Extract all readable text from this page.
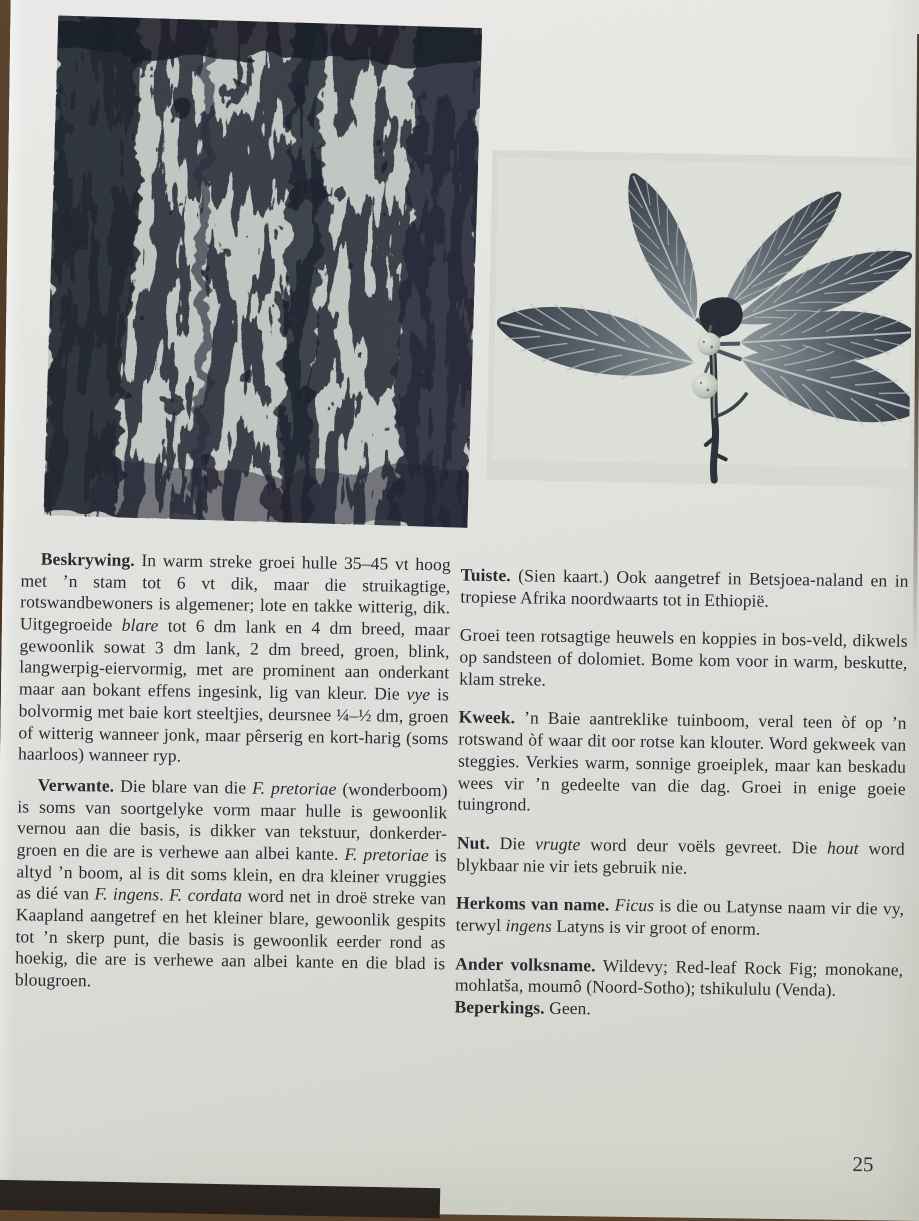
Beskrywing. In warm streke groei hulle 35–45 vt hoog met ’n stam tot 6 vt dik, maar die struikagtige, rotswandbewoners is algemener; lote en takke witterig, dik. Uitgegroeide blare tot 6 dm lank en 4 dm breed, maar gewoonlik sowat 3 dm lank, 2 dm breed, groen, blink, langwerpig-eiervormig, met are prominent aan onderkant maar aan bokant effens ingesink, lig van kleur. Die vye is bolvormig met baie kort steeltjies, deursnee ¼–½ dm, groen of witterig wanneer jonk, maar pêrserig en kort-harig (soms haarloos) wanneer ryp.

Verwante. Die blare van die F. pretoriae (wonderboom) is soms van soortgelyke vorm maar hulle is gewoonlik vernou aan die basis, is dikker van tekstuur, donkerder-groen en die are is verhewe aan albei kante. F. pretoriae is altyd ’n boom, al is dit soms klein, en dra kleiner vruggies as dié van F. ingens. F. cordata word net in droë streke van Kaapland aangetref en het kleiner blare, gewoonlik gespits tot ’n skerp punt, die basis is gewoonlik eerder rond as hoekig, die are is verhewe aan albei kante en die blad is blougroen.

Tuiste. (Sien kaart.) Ook aangetref in Betsjoea-naland en in tropiese Afrika noordwaarts tot in Ethiopië.

Groei teen rotsagtige heuwels en koppies in bos-veld, dikwels op sandsteen of dolomiet. Bome kom voor in warm, beskutte, klam streke.

Kweek. ’n Baie aantreklike tuinboom, veral teen òf op ’n rotswand òf waar dit oor rotse kan klouter. Word gekweek van steggies. Verkies warm, sonnige groeiplek, maar kan beskadu wees vir ’n gedeelte van die dag. Groei in enige goeie tuingrond.

Nut. Die vrugte word deur voëls gevreet. Die hout word blykbaar nie vir iets gebruik nie.

Herkoms van name. Ficus is die ou Latynse naam vir die vy, terwyl ingens Latyns is vir groot of enorm.

Ander volksname. Wildevy; Red-leaf Rock Fig; monokane, mohlatša, moumô (Noord-Sotho); tshikululu (Venda).

Beperkings. Geen.

25
